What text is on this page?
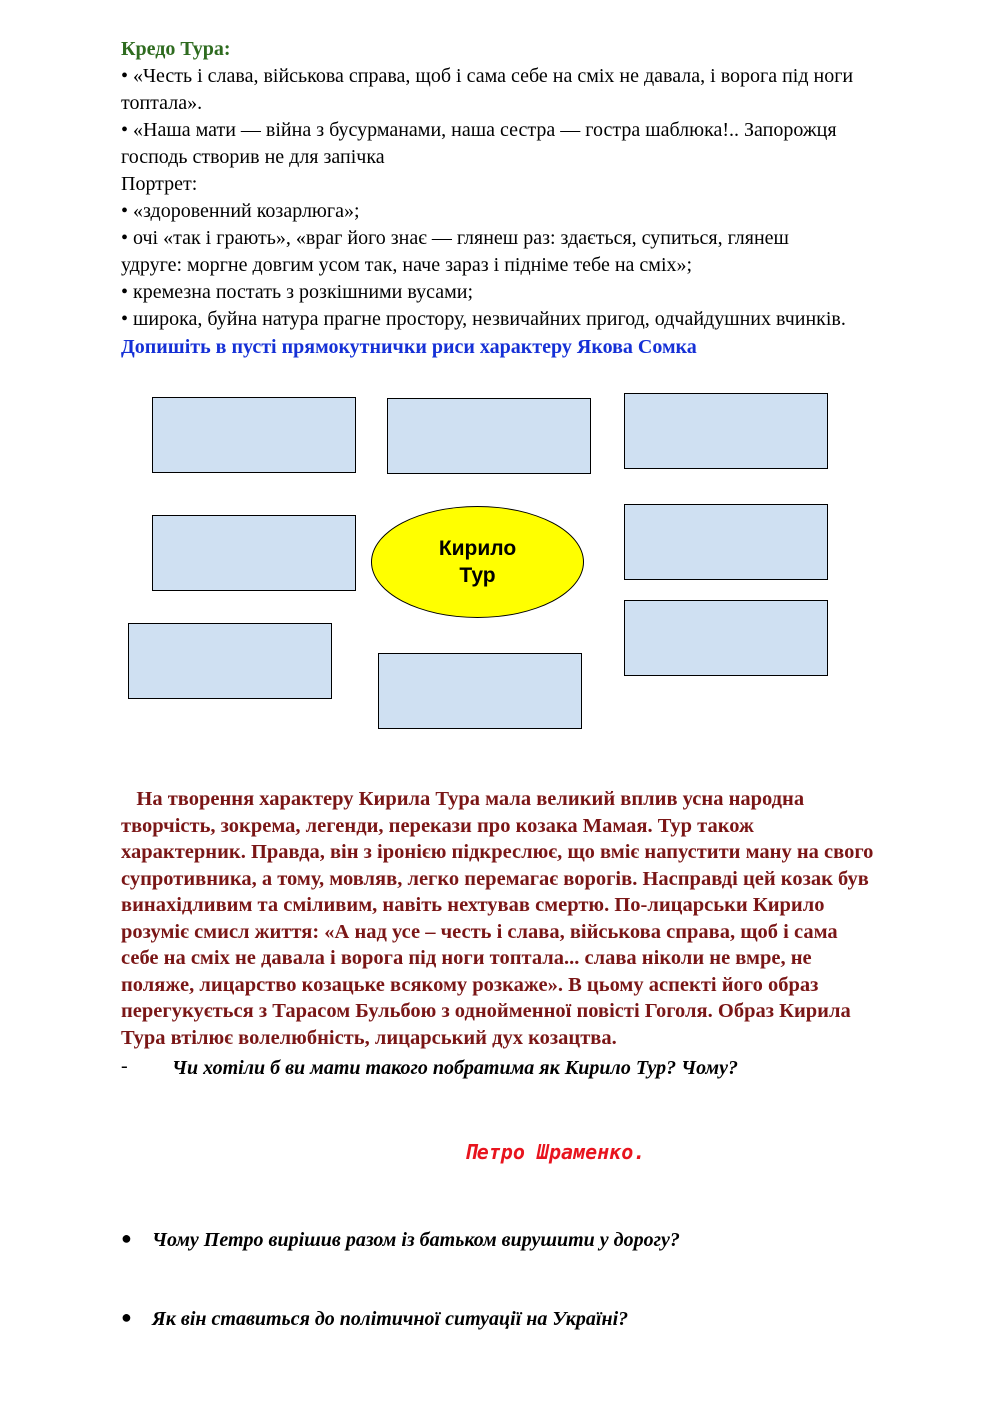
Кредо Тура:
• «Честь і слава, військова справа, щоб і сама себе на сміх не давала, і ворога під ноги
топтала».
• «Наша мати — війна з бусурманами, наша сестра — гостра шаблюка!.. Запорожця
господь створив не для запічка
Портрет:
• «здоровенний козарлюга»;
• очі «так і грають», «враг його знає — глянеш раз: здається, супиться, глянеш
удруге: моргне довгим усом так, наче зараз і підніме тебе на сміх»;
• кремезна постать з розкішними вусами;
• широка, буйна натура прагне простору, незвичайних пригод, одчайдушних вчинків.
Допишіть в пусті прямокутнички риси характеру Якова Сомка
Кирило
Тур
На творення характеру Кирила Тура мала великий вплив усна народна
творчість, зокрема, легенди, перекази про козака Мамая. Тур також
характерник. Правда, він з іронією підкреслює, що вміє напустити ману на свого
супротивника, а тому, мовляв, легко перемагає ворогів. Насправді цей козак був
винахідливим та сміливим, навіть нехтував смертю. По-лицарськи Кирило
розуміє смисл життя: «А над усе – честь і слава, військова справа, щоб і сама
себе на сміх не давала і ворога під ноги топтала... слава ніколи не вмре, не
поляже, лицарство козацьке всякому розкаже». В цьому аспекті його образ
перегукується з Тарасом Бульбою з однойменної повісті Гоголя. Образ Кирила
Тура втілює волелюбність, лицарський дух козацтва.
- Чи хотіли б ви мати такого побратима як Кирило Тур? Чому?
Петро Шраменко.
● Чому Петро вирішив разом із батьком вирушити у дорогу?
● Як він ставиться до політичної ситуації на Україні?
